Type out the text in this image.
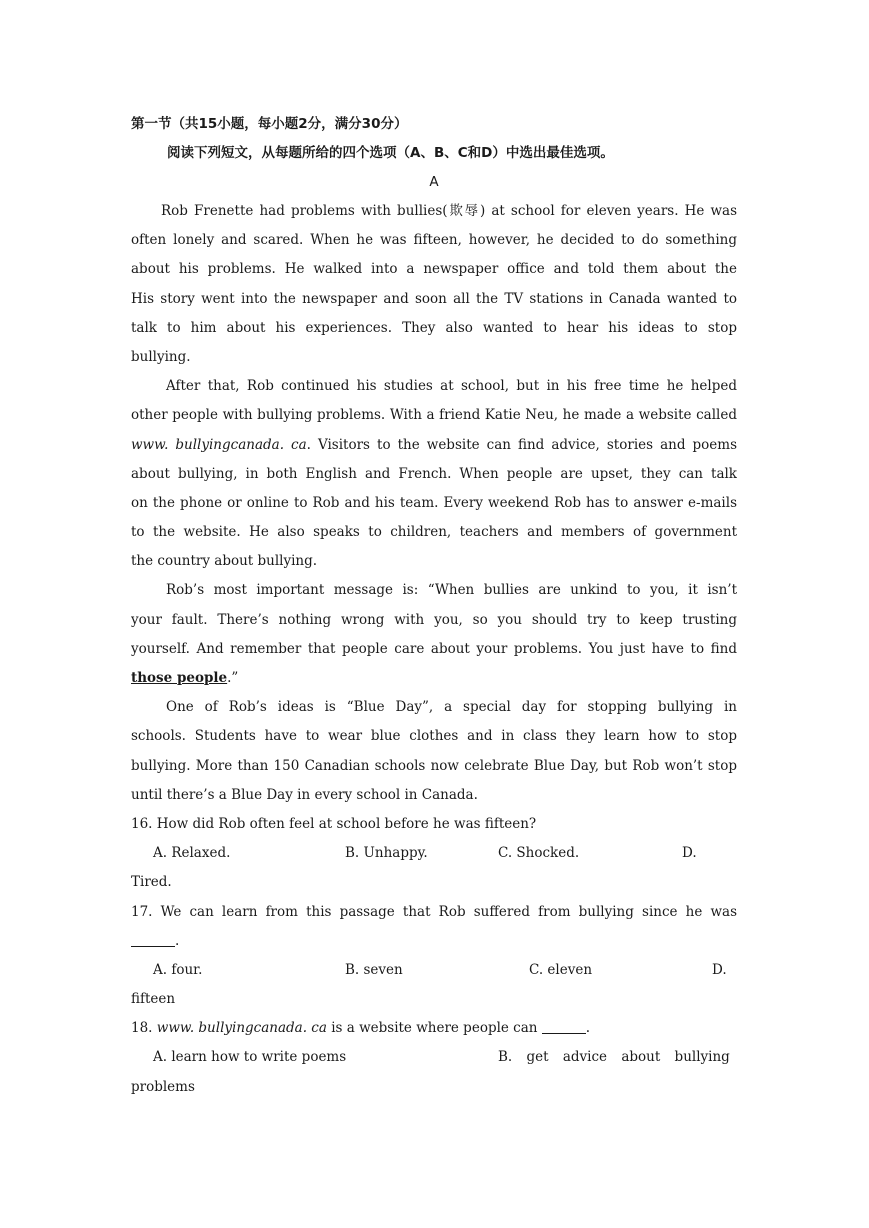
第一节（共15小题，每小题2分，满分30分）
阅读下列短文，从每题所给的四个选项（A、B、C和D）中选出最佳选项。
A
Rob Frenette had problems with bullies(欺辱) at school for eleven years. He was
often lonely and scared. When he was fifteen, however, he decided to do something
about his problems. He walked into a newspaper office and told them about the
His story went into the newspaper and soon all the TV stations in Canada wanted to
talk to him about his experiences. They also wanted to hear his ideas to stop
bullying.
After that, Rob continued his studies at school, but in his free time he helped
other people with bullying problems. With a friend Katie Neu, he made a website called
www. bullyingcanada. ca. Visitors to the website can find advice, stories and poems
about bullying, in both English and French. When people are upset, they can talk
on the phone or online to Rob and his team. Every weekend Rob has to answer e-mails
to the website. He also speaks to children, teachers and members of government
the country about bullying.
Rob’s most important message is: “When bullies are unkind to you, it isn’t
your fault. There’s nothing wrong with you, so you should try to keep trusting
yourself. And remember that people care about your problems. You just have to find
those people.”
One of Rob’s ideas is “Blue Day”, a special day for stopping bullying in
schools. Students have to wear blue clothes and in class they learn how to stop
bullying. More than 150 Canadian schools now celebrate Blue Day, but Rob won’t stop
until there’s a Blue Day in every school in Canada.
16. How did Rob often feel at school before he was fifteen?
A. Relaxed.	B. Unhappy.	C. Shocked.	D.
Tired.
17. We can learn from this passage that Rob suffered from bullying since he was
.
A. four.	B. seven	C. eleven	D.
fifteen
18. www. bullyingcanada. ca is a website where people can	.
A. learn how to write poems	B. get advice about bullying
problems
